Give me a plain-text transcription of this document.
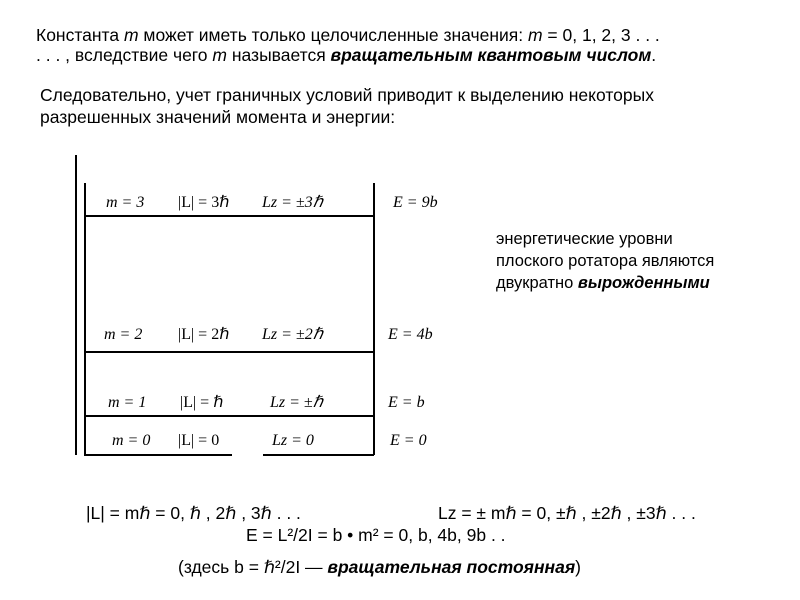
Константа m может иметь только целочисленные значения: m = 0, 1, 2, 3 . . .
. . . , вследствие чего m называется вращательным квантовым числом.
Следовательно, учет граничных условий приводит к выделению некоторых
разрешенных значений момента и энергии:
m = 3 |L| = 3ℏ Lz = ±3ℏ	E = 9b
m = 2 |L| = 2ℏ Lz = ±2ℏ	E = 4b
m = 1 |L| = ℏ	Lz = ±ℏ	E = b
m = 0 |L| = 0	Lz = 0	E = 0
энергетические уровни
плоского ротатора являются
двукратно вырожденными
|L| = mℏ = 0, ℏ , 2ℏ , 3ℏ . . .	Lz = ± mℏ = 0, ±ℏ , ±2ℏ , ±3ℏ . . .
E = L²/2I = b • m² = 0, b, 4b, 9b . .
(здесь b = ℏ²/2I — вращательная постоянная)
